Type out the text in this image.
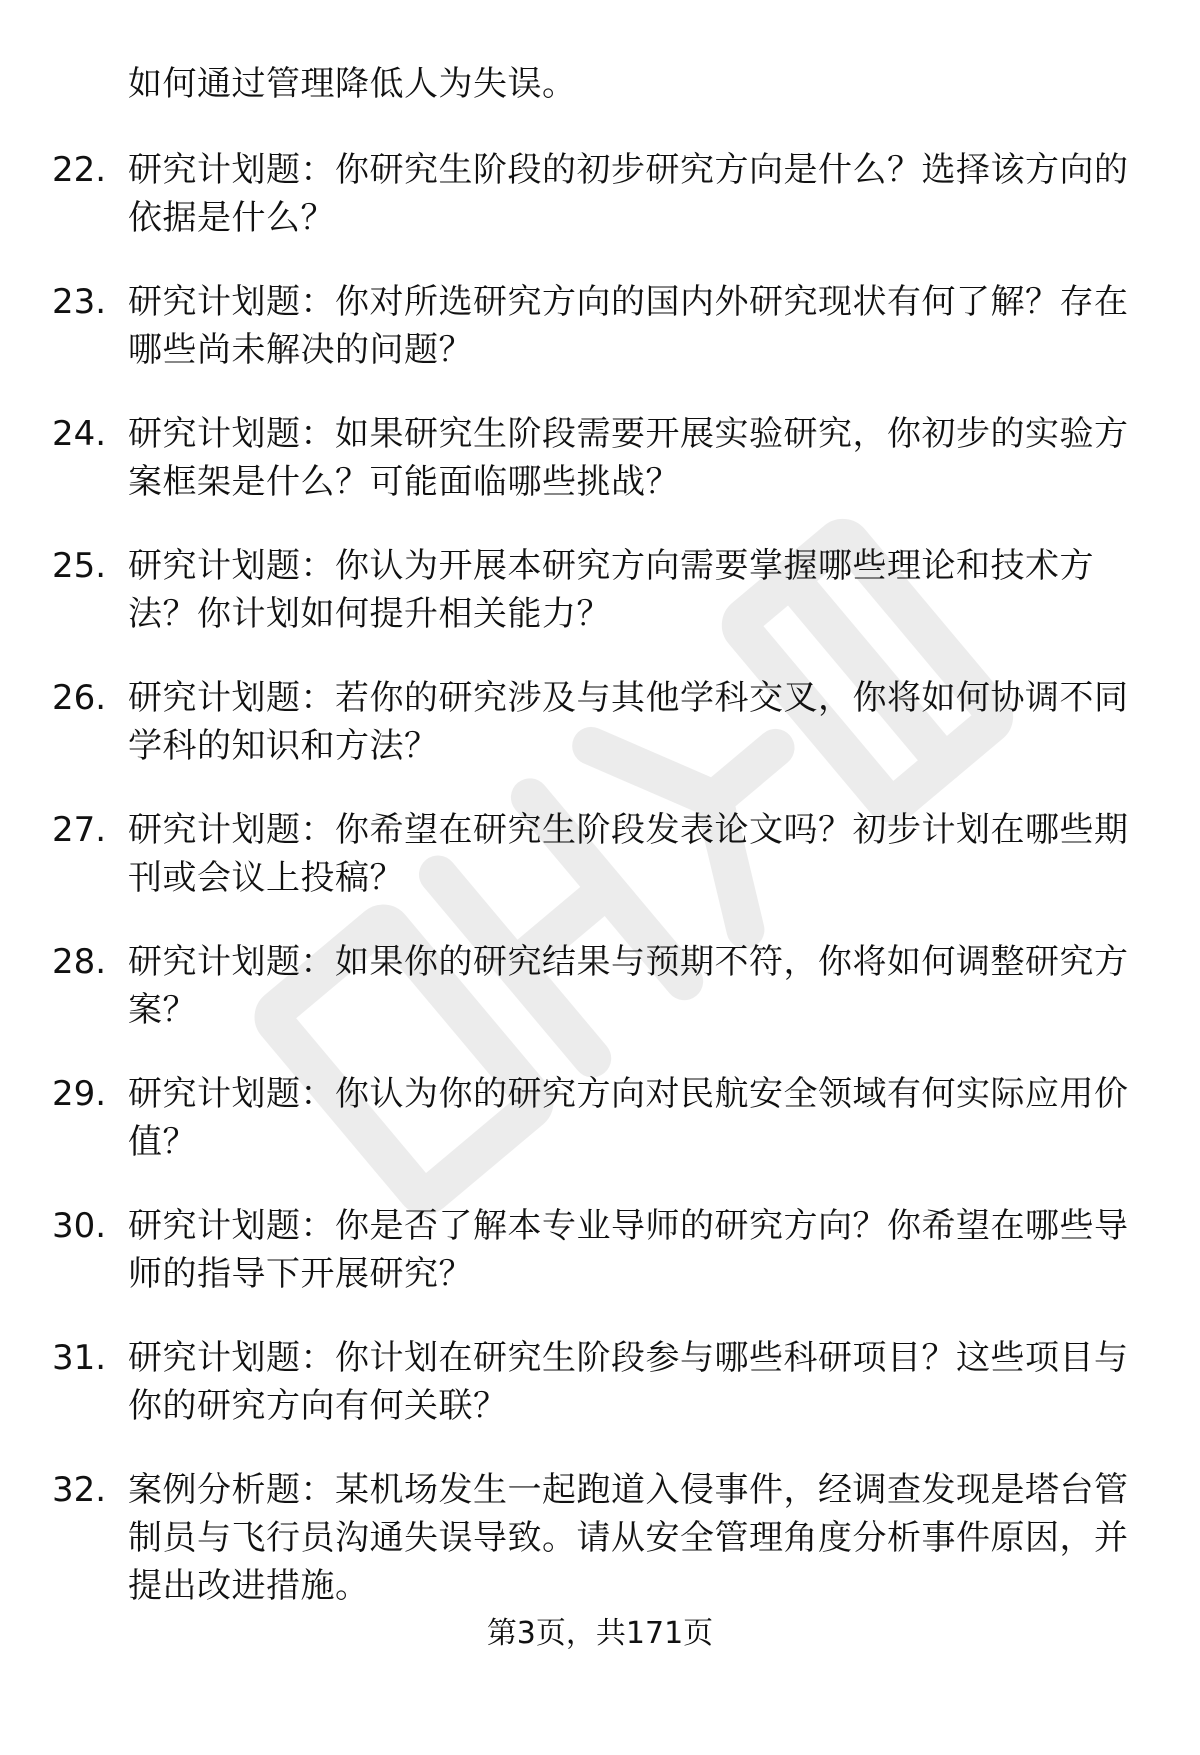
如何通过管理降低人为失误。

22. 研究计划题：你研究生阶段的初步研究方向是什么？选择该方向的依据是什么？
23. 研究计划题：你对所选研究方向的国内外研究现状有何了解？存在哪些尚未解决的问题？
24. 研究计划题：如果研究生阶段需要开展实验研究，你初步的实验方案框架是什么？可能面临哪些挑战？
25. 研究计划题：你认为开展本研究方向需要掌握哪些理论和技术方法？你计划如何提升相关能力？
26. 研究计划题：若你的研究涉及与其他学科交叉，你将如何协调不同学科的知识和方法？
27. 研究计划题：你希望在研究生阶段发表论文吗？初步计划在哪些期刊或会议上投稿？
28. 研究计划题：如果你的研究结果与预期不符，你将如何调整研究方案？
29. 研究计划题：你认为你的研究方向对民航安全领域有何实际应用价值？
30. 研究计划题：你是否了解本专业导师的研究方向？你希望在哪些导师的指导下开展研究？
31. 研究计划题：你计划在研究生阶段参与哪些科研项目？这些项目与你的研究方向有何关联？
32. 案例分析题：某机场发生一起跑道入侵事件，经调查发现是塔台管制员与飞行员沟通失误导致。请从安全管理角度分析事件原因，并提出改进措施。

第3页，共171页
